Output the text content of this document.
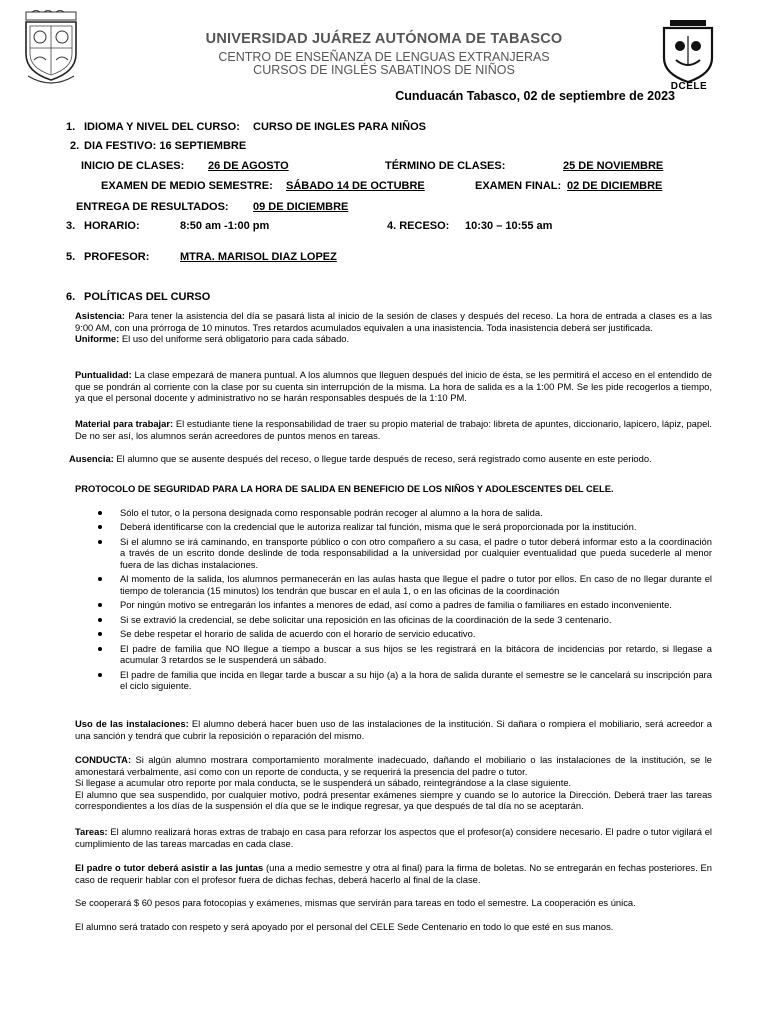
DCELE
UNIVERSIDAD JUÁREZ AUTÓNOMA DE TABASCO
CENTRO DE ENSEÑANZA DE LENGUAS EXTRANJERAS
CURSOS DE INGLÉS SABATINOS DE NIÑOS
Cunduacán Tabasco, 02 de septiembre de 2023
1. IDIOMA Y NIVEL DEL CURSO: CURSO DE INGLES PARA NIÑOS
2. DIA FESTIVO: 16 SEPTIEMBRE
INICIO DE CLASES: 26 DE AGOSTO	TÉRMINO DE CLASES:	25 DE NOVIEMBRE
EXAMEN DE MEDIO SEMESTRE: SÁBADO 14 DE OCTUBRE	EXAMEN FINAL: 02 DE DICIEMBRE
ENTREGA DE RESULTADOS: 09 DE DICIEMBRE
3. HORARIO:	8:50 am -1:00 pm	4. RECESO: 10:30 – 10:55 am
5. PROFESOR:	MTRA. MARISOL DIAZ LOPEZ
6. POLÍTICAS DEL CURSO
Asistencia: Para tener la asistencia del día se pasará lista al inicio de la sesión de clases y después del receso. La hora de entrada a clases es a las 9:00 AM, con una prórroga de 10 minutos. Tres retardos acumulados equivalen a una inasistencia. Toda inasistencia deberá ser justificada.
Uniforme: El uso del uniforme será obligatorio para cada sábado.
Puntualidad: La clase empezará de manera puntual. A los alumnos que lleguen después del inicio de ésta, se les permitirá el acceso en el entendido de que se pondrán al corriente con la clase por su cuenta sin interrupción de la misma. La hora de salida es a la 1:00 PM. Se les pide recogerlos a tiempo, ya que el personal docente y administrativo no se harán responsables después de la 1:10 PM.
Material para trabajar: El estudiante tiene la responsabilidad de traer su propio material de trabajo: libreta de apuntes, diccionario, lapicero, lápiz, papel. De no ser así, los alumnos serán acreedores de puntos menos en tareas.
Ausencia: El alumno que se ausente después del receso, o llegue tarde después de receso, será registrado como ausente en este periodo.
PROTOCOLO DE SEGURIDAD PARA LA HORA DE SALIDA EN BENEFICIO DE LOS NIÑOS Y ADOLESCENTES DEL CELE.
Sólo el tutor, o la persona designada como responsable podrán recoger al alumno a la hora de salida.
Deberá identificarse con la credencial que le autoriza realizar tal función, misma que le será proporcionada por la institución.
Si el alumno se irá caminando, en transporte público o con otro compañero a su casa, el padre o tutor deberá informar esto a la coordinación a través de un escrito donde deslinde de toda responsabilidad a la universidad por cualquier eventualidad que pueda sucederle al menor fuera de las dichas instalaciones.
Al momento de la salida, los alumnos permanecerán en las aulas hasta que llegue el padre o tutor por ellos. En caso de no llegar durante el tiempo de tolerancia (15 minutos) los tendrán que buscar en el aula 1, o en las oficinas de la coordinación
Por ningún motivo se entregarán los infantes a menores de edad, así como a padres de familia o familiares en estado inconveniente.
Si se extravió la credencial, se debe solicitar una reposición en las oficinas de la coordinación de la sede 3 centenario.
Se debe respetar el horario de salida de acuerdo con el horario de servicio educativo.
El padre de familia que NO llegue a tiempo a buscar a sus hijos se les registrará en la bitácora de incidencias por retardo, si llegase a acumular 3 retardos se le suspenderá un sábado.
El padre de familia que incida en llegar tarde a buscar a su hijo (a) a la hora de salida durante el semestre se le cancelará su inscripción para el ciclo siguiente.
Uso de las instalaciones: El alumno deberá hacer buen uso de las instalaciones de la institución. Si dañara o rompiera el mobiliario, será acreedor a una sanción y tendrá que cubrir la reposición o reparación del mismo.
CONDUCTA: Si algún alumno mostrara comportamiento moralmente inadecuado, dañando el mobiliario o las instalaciones de la institución, se le amonestará verbalmente, así como con un reporte de conducta, y se requerirá la presencia del padre o tutor.
Si llegase a acumular otro reporte por mala conducta, se le suspenderá un sábado, reintegrándose a la clase siguiente.
El alumno que sea suspendido, por cualquier motivo, podrá presentar exámenes siempre y cuando se lo autorice la Dirección. Deberá traer las tareas correspondientes a los días de la suspensión el día que se le indique regresar, ya que después de tal día no se aceptarán.
Tareas: El alumno realizará horas extras de trabajo en casa para reforzar los aspectos que el profesor(a) considere necesario. El padre o tutor vigilará el cumplimiento de las tareas marcadas en cada clase.
El padre o tutor deberá asistir a las juntas (una a medio semestre y otra al final) para la firma de boletas. No se entregarán en fechas posteriores. En caso de requerir hablar con el profesor fuera de dichas fechas, deberá hacerlo al final de la clase.
Se cooperará $ 60 pesos para fotocopias y exámenes, mismas que servirán para tareas en todo el semestre. La cooperación es única.
El alumno será tratado con respeto y será apoyado por el personal del CELE Sede Centenario en todo lo que esté en sus manos.
